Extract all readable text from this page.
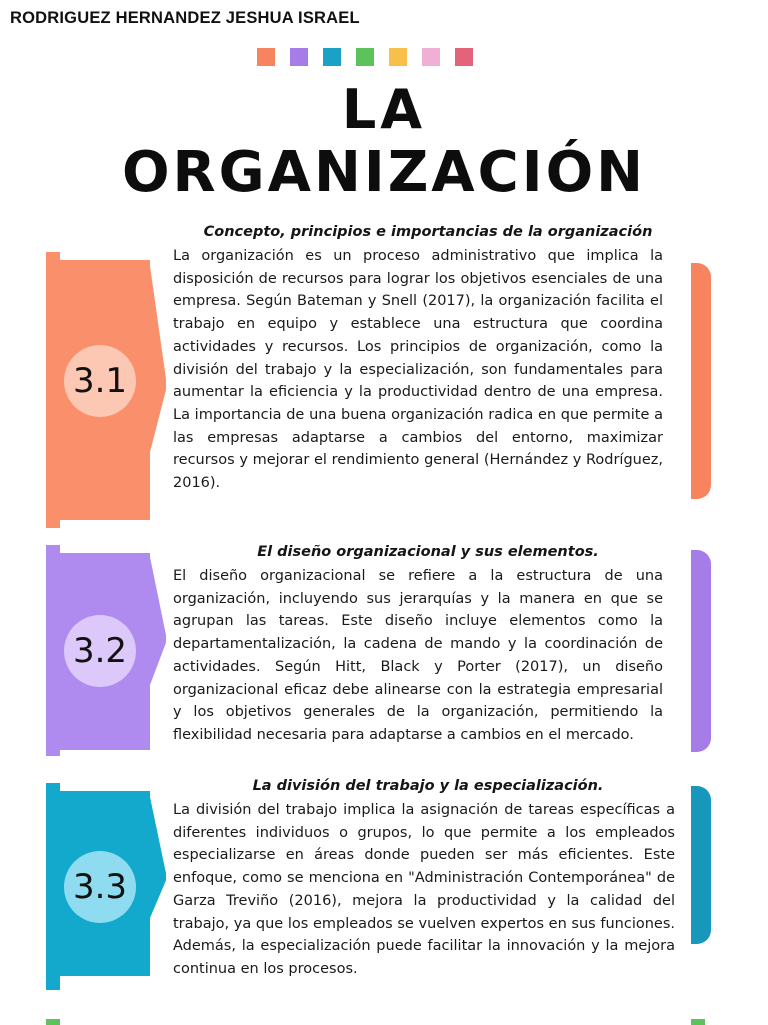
RODRIGUEZ HERNANDEZ JESHUA ISRAEL
LA
ORGANIZACIÓN
3.1
Concepto, principios e importancias de la organización

La organización es un proceso administrativo que implica la disposición de recursos para lograr los objetivos esenciales de una empresa. Según Bateman y Snell (2017), la organización facilita el trabajo en equipo y establece una estructura que coordina actividades y recursos. Los principios de organización, como la división del trabajo y la especialización, son fundamentales para aumentar la eficiencia y la productividad dentro de una empresa. La importancia de una buena organización radica en que permite a las empresas adaptarse a cambios del entorno, maximizar recursos y mejorar el rendimiento general (Hernández y Rodríguez, 2016).

3.2
El diseño organizacional y sus elementos.

El diseño organizacional se refiere a la estructura de una organización, incluyendo sus jerarquías y la manera en que se agrupan las tareas. Este diseño incluye elementos como la departamentalización, la cadena de mando y la coordinación de actividades. Según Hitt, Black y Porter (2017), un diseño organizacional eficaz debe alinearse con la estrategia empresarial y los objetivos generales de la organización, permitiendo la flexibilidad necesaria para adaptarse a cambios en el mercado.

3.3
La división del trabajo y la especialización.

La división del trabajo implica la asignación de tareas específicas a diferentes individuos o grupos, lo que permite a los empleados especializarse en áreas donde pueden ser más eficientes. Este enfoque, como se menciona en "Administración Contemporánea" de Garza Treviño (2016), mejora la productividad y la calidad del trabajo, ya que los empleados se vuelven expertos en sus funciones. Además, la especialización puede facilitar la innovación y la mejora continua en los procesos.
